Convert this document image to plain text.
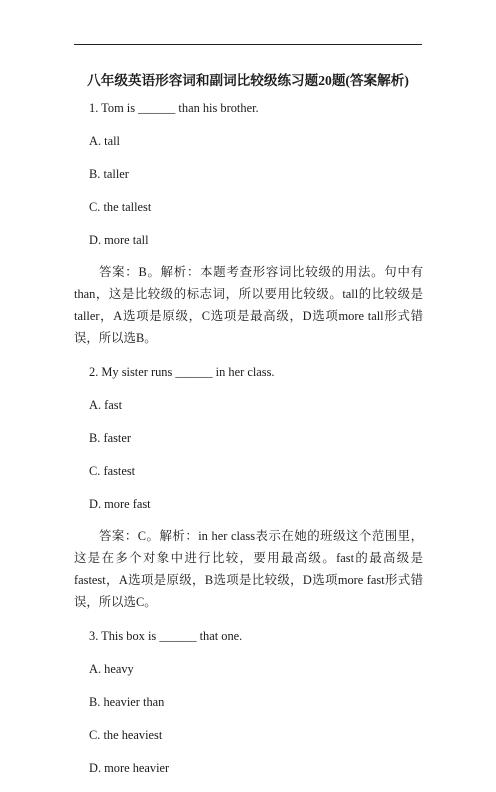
八年级英语形容词和副词比较级练习题20题(答案解析)
1. Tom is ______ than his brother.
A. tall
B. taller
C. the tallest
D. more tall
答案：B。解析：本题考查形容词比较级的用法。句中有than，这是比较级的标志词，所以要用比较级。tall的比较级是taller，A选项是原级，C选项是最高级，D选项more tall形式错误，所以选B。
2. My sister runs ______ in her class.
A. fast
B. faster
C. fastest
D. more fast
答案：C。解析：in her class表示在她的班级这个范围里，这是在多个对象中进行比较，要用最高级。fast的最高级是fastest，A选项是原级，B选项是比较级，D选项more fast形式错误，所以选C。
3. This box is ______ that one.
A. heavy
B. heavier than
C. the heaviest
D. more heavier
